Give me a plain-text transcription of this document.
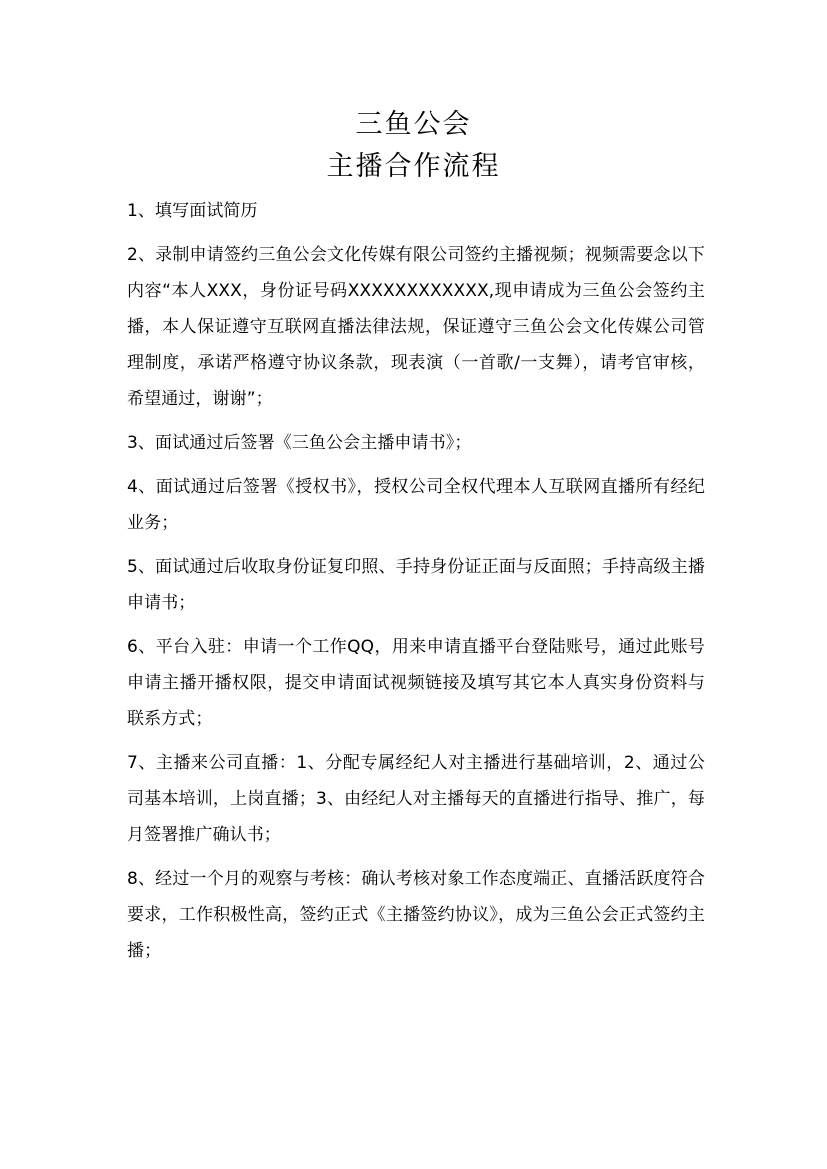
三鱼公会
主播合作流程

1、填写面试简历

2、录制申请签约三鱼公会文化传媒有限公司签约主播视频；视频需要念以下内容“本人XXX，身份证号码XXXXXXXXXXXX,现申请成为三鱼公会签约主播，本人保证遵守互联网直播法律法规，保证遵守三鱼公会文化传媒公司管理制度，承诺严格遵守协议条款，现表演（一首歌/一支舞），请考官审核，希望通过，谢谢”；

3、面试通过后签署《三鱼公会主播申请书》；

4、面试通过后签署《授权书》，授权公司全权代理本人互联网直播所有经纪业务；

5、面试通过后收取身份证复印照、手持身份证正面与反面照；手持高级主播申请书；

6、平台入驻：申请一个工作QQ，用来申请直播平台登陆账号，通过此账号申请主播开播权限，提交申请面试视频链接及填写其它本人真实身份资料与联系方式；

7、主播来公司直播：1、分配专属经纪人对主播进行基础培训，2、通过公司基本培训，上岗直播；3、由经纪人对主播每天的直播进行指导、推广，每月签署推广确认书；

8、经过一个月的观察与考核：确认考核对象工作态度端正、直播活跃度符合要求，工作积极性高，签约正式《主播签约协议》，成为三鱼公会正式签约主播；
